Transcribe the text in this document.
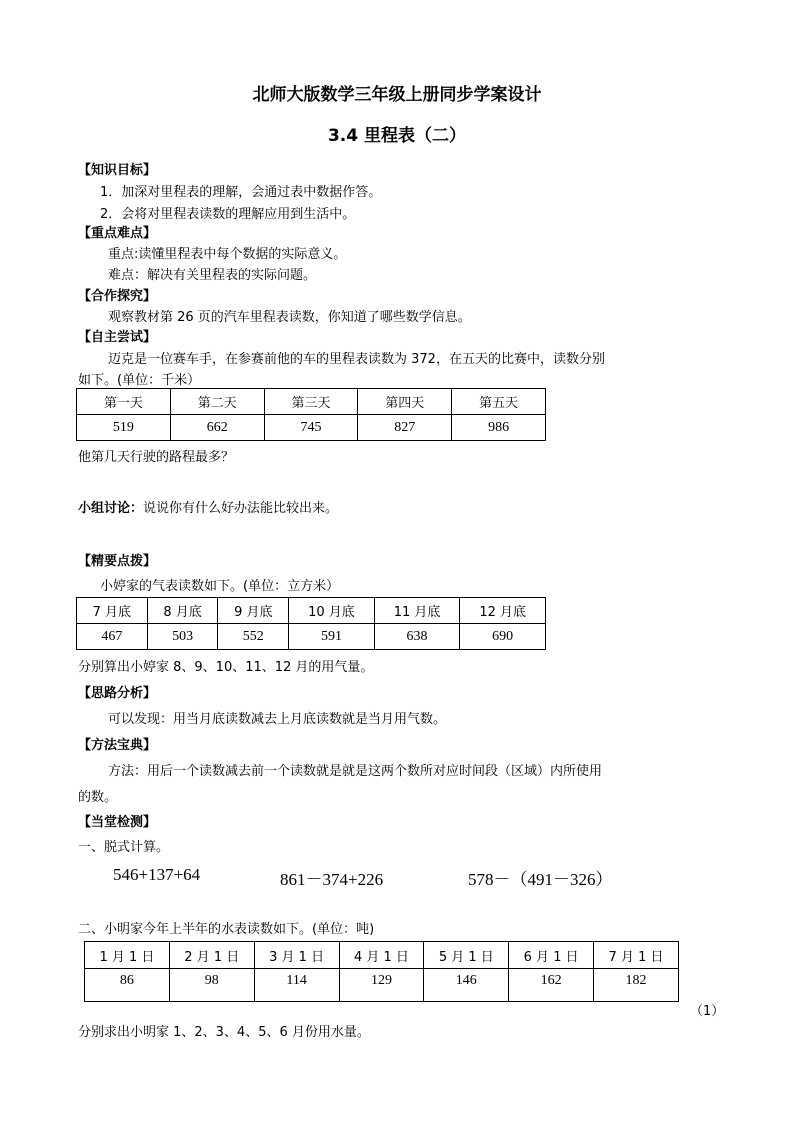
北师大版数学三年级上册同步学案设计
3.4 里程表（二）
【知识目标】
1．加深对里程表的理解，会通过表中数据作答。
2．会将对里程表读数的理解应用到生活中。
【重点难点】
重点:读懂里程表中每个数据的实际意义。
难点：解决有关里程表的实际问题。
【合作探究】
观察教材第 26 页的汽车里程表读数，你知道了哪些数学信息。
【自主尝试】
迈克是一位赛车手，在参赛前他的车的里程表读数为 372，在五天的比赛中，读数分别
如下。(单位：千米）
第一天	第二天	第三天	第四天	第五天
519	662	745	827	986
他第几天行驶的路程最多？
小组讨论：说说你有什么好办法能比较出来。
【精要点拨】
小婷家的气表读数如下。(单位：立方米）
7 月底	8 月底	9 月底	10 月底	11 月底	12 月底
467	503	552	591	638	690
分别算出小婷家 8、9、10、11、12 月的用气量。
【思路分析】
可以发现：用当月底读数减去上月底读数就是当月用气数。
【方法宝典】
方法：用后一个读数减去前一个读数就是就是这两个数所对应时间段（区域）内所使用
的数。
【当堂检测】
一、脱式计算。
546+137+64	861－374+226	578－（491－326）
二、小明家今年上半年的水表读数如下。(单位：吨)
1 月 1 日	2 月 1 日	3 月 1 日	4 月 1 日	5 月 1 日	6 月 1 日	7 月 1 日
86	98	114	129	146	162	182
（1）
分别求出小明家 1、2、3、4、5、6 月份用水量。
